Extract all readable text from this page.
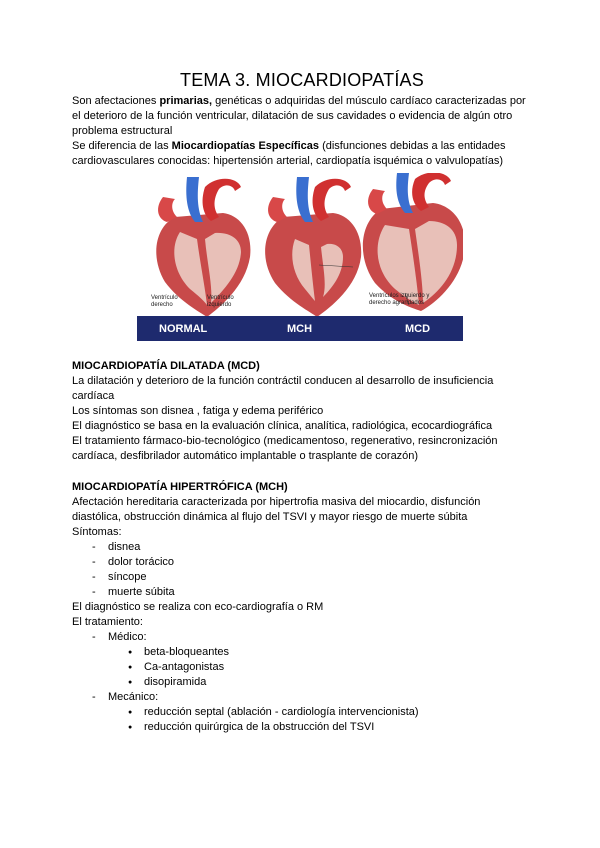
TEMA 3. MIOCARDIOPATÍAS

Son afectaciones primarias, genéticas o adquiridas del músculo cardíaco caracterizadas por el deterioro de la función ventricular, dilatación de sus cavidades o evidencia de algún otro problema estructural

Se diferencia de las Miocardiopatías Específicas (disfunciones debidas a las entidades cardiovasculares conocidas: hipertensión arterial, cardiopatía isquémica o valvulopatías)

Ventrículo derecho
Ventrículo izquierdo
Ventrículos izquierdo y derecho agrandados
NORMAL	MCH	MCD

MIOCARDIOPATÍA DILATADA (MCD)

La dilatación y deterioro de la función contráctil conducen al desarrollo de insuficiencia cardíaca

Los síntomas son disnea , fatiga y edema periférico

El diagnóstico se basa en la evaluación clínica, analítica, radiológica, ecocardiográfica

El tratamiento fármaco-bio-tecnológico (medicamentoso, regenerativo, resincronización cardíaca, desfibrilador automático implantable o trasplante de corazón)

MIOCARDIOPATÍA HIPERTRÓFICA (MCH)

Afectación hereditaria caracterizada por hipertrofia masiva del miocardio, disfunción diastólica, obstrucción dinámica al flujo del TSVI y mayor riesgo de muerte súbita

Síntomas:

- disnea
- dolor torácico
- síncope
- muerte súbita

El diagnóstico se realiza con eco-cardiografía o RM

El tratamiento:

- Médico:
● beta-bloqueantes
● Ca-antagonistas
● disopiramida
- Mecánico:
● reducción septal (ablación - cardiología intervencionista)
● reducción quirúrgica de la obstrucción del TSVI
